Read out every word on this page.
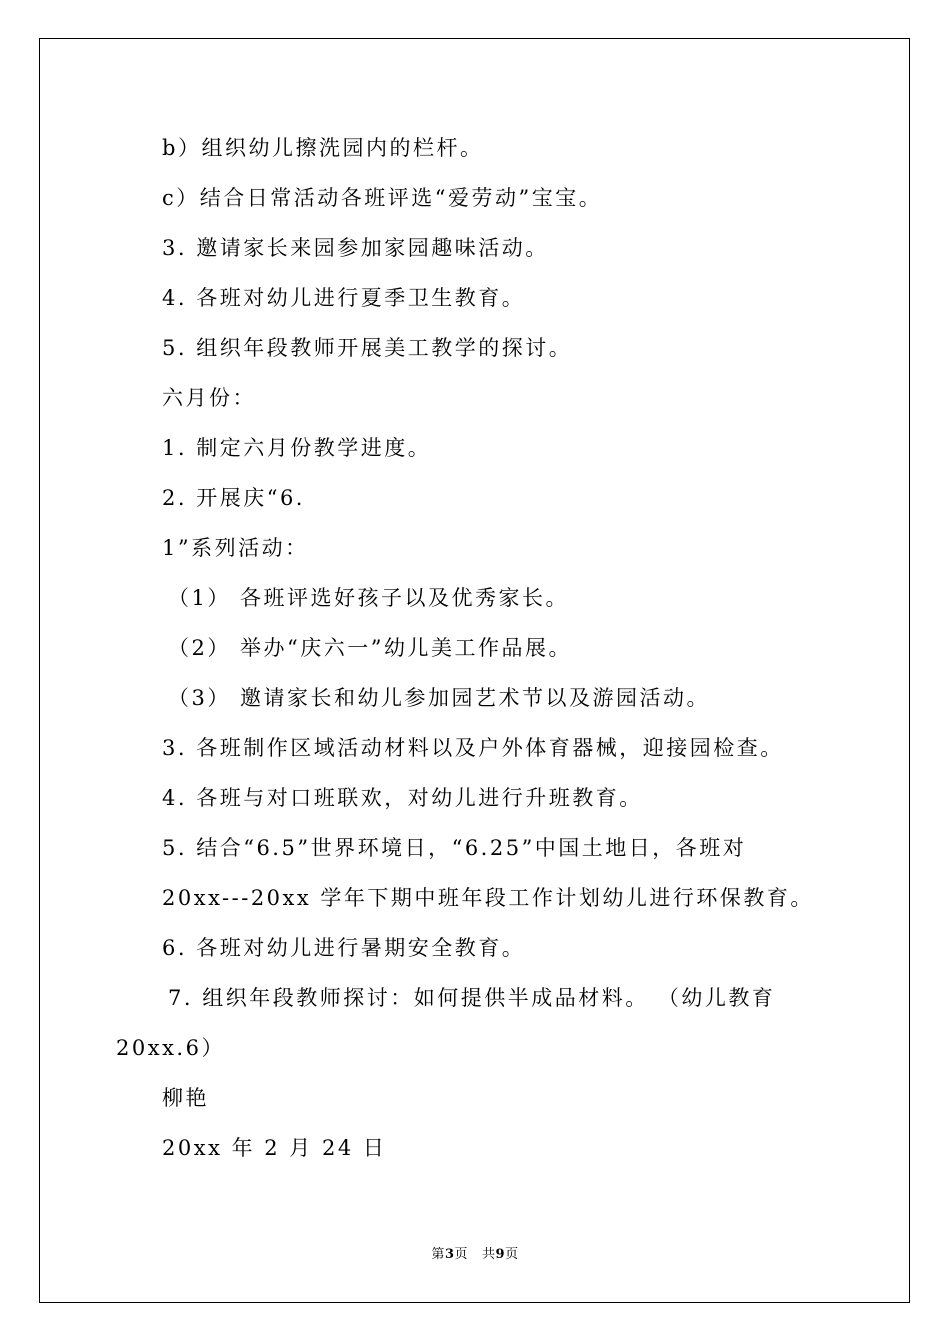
b）组织幼儿擦洗园内的栏杆。

c）结合日常活动各班评选“爱劳动”宝宝。

3. 邀请家长来园参加家园趣味活动。

4. 各班对幼儿进行夏季卫生教育。

5. 组织年段教师开展美工教学的探讨。

六月份：

1. 制定六月份教学进度。

2. 开展庆“6.

1”系列活动：

（1） 各班评选好孩子以及优秀家长。

（2） 举办“庆六一”幼儿美工作品展。

（3） 邀请家长和幼儿参加园艺术节以及游园活动。

3. 各班制作区域活动材料以及户外体育器械，迎接园检查。

4. 各班与对口班联欢，对幼儿进行升班教育。

5. 结合“6.5”世界环境日，“6.25”中国土地日，各班对

20xx---20xx 学年下期中班年段工作计划幼儿进行环保教育。

6. 各班对幼儿进行暑期安全教育。

7. 组织年段教师探讨：如何提供半成品材料。 （幼儿教育

20xx.6）

柳艳

20xx 年 2 月 24 日

第3页 共9页
